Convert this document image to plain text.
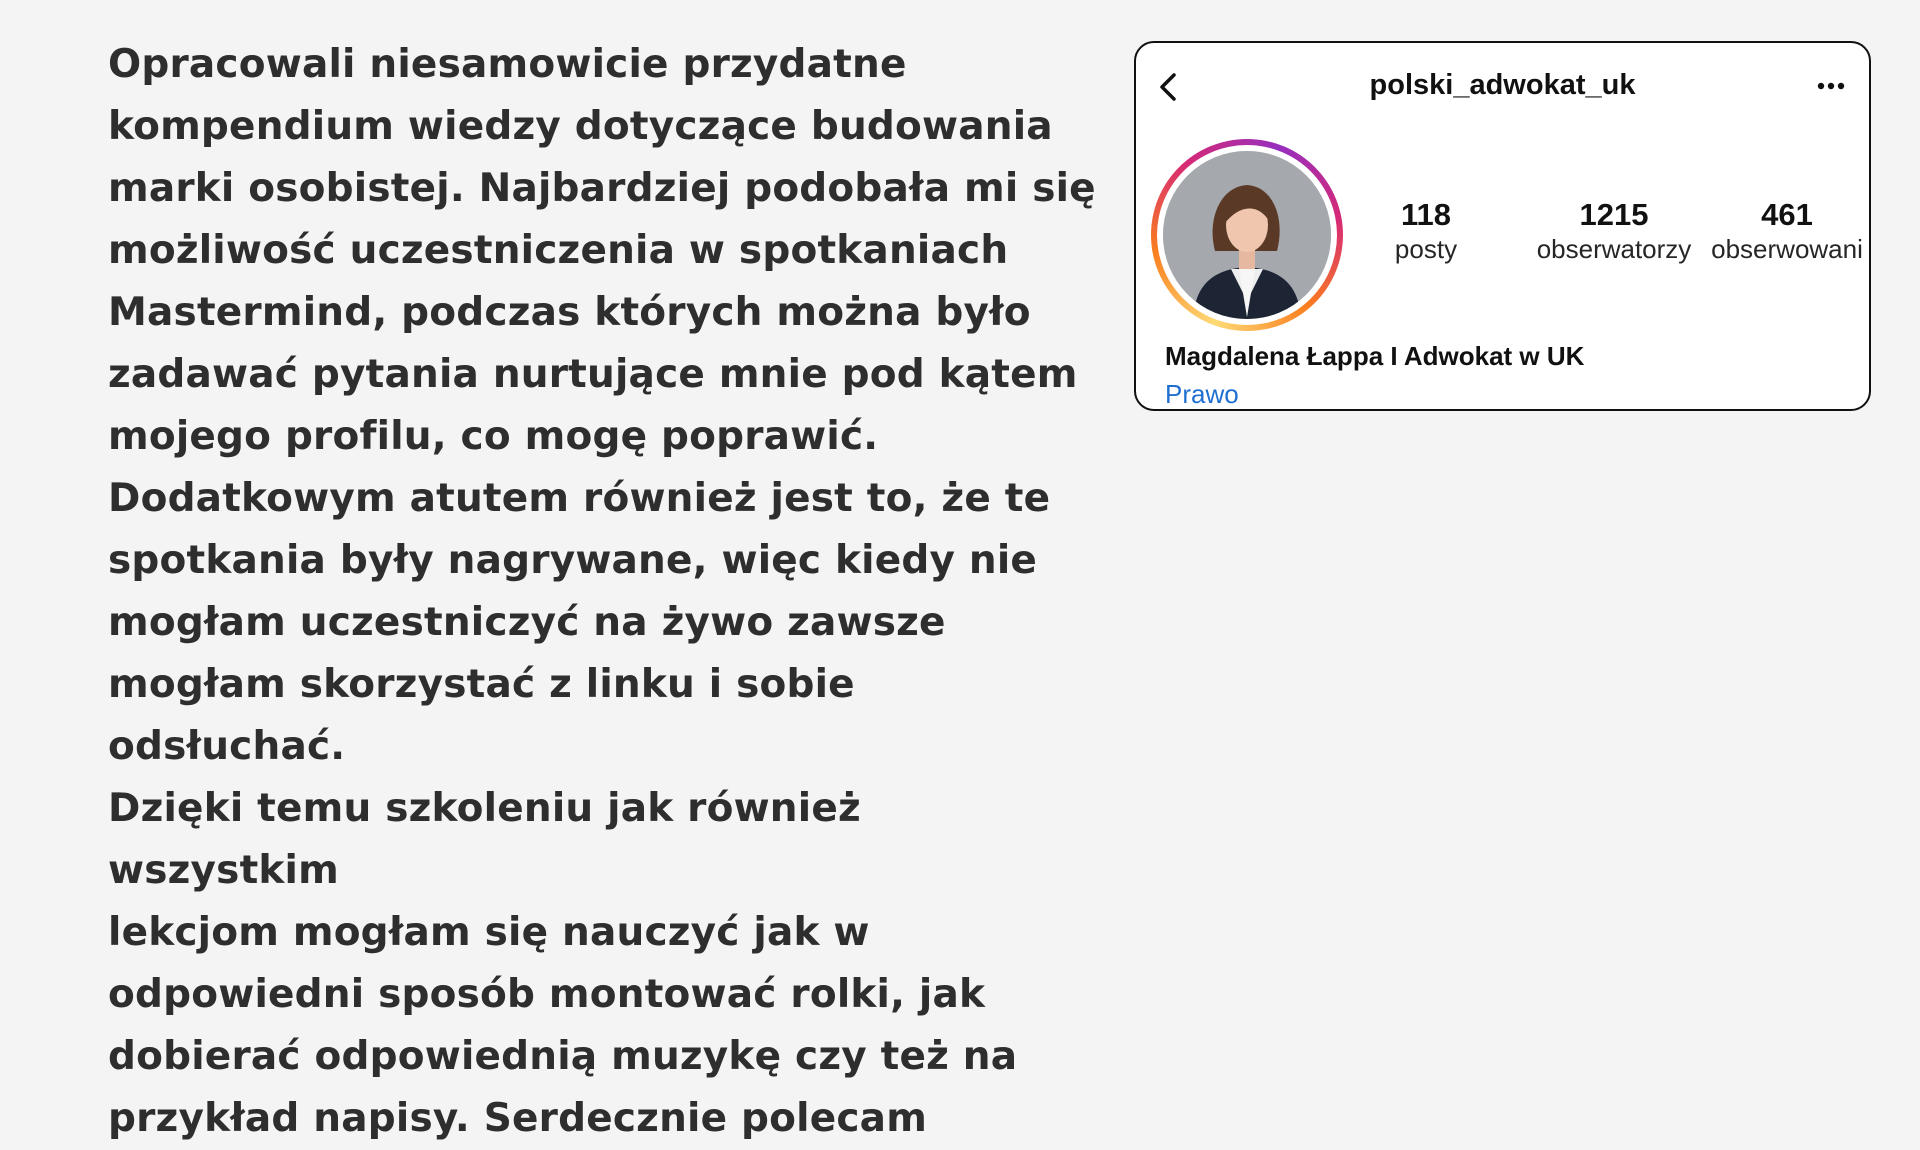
Opracowali niesamowicie przydatne
kompendium wiedzy dotyczące budowania
marki osobistej. Najbardziej podobała mi się
możliwość uczestniczenia w spotkaniach
Mastermind, podczas których można było
zadawać pytania nurtujące mnie pod kątem
mojego profilu, co mogę poprawić.
Dodatkowym atutem również jest to, że te
spotkania były nagrywane, więc kiedy nie
mogłam uczestniczyć na żywo zawsze
mogłam skorzystać z linku i sobie odsłuchać.
Dzięki temu szkoleniu jak również wszystkim
lekcjom mogłam się nauczyć jak w
odpowiedni sposób montować rolki, jak
dobierać odpowiednią muzykę czy też na
przykład napisy. Serdecznie polecam

polski_adwokat_uk
118
posty
1215
obserwatorzy
461
obserwowani
Magdalena Łappa I Adwokat w UK
Prawo
